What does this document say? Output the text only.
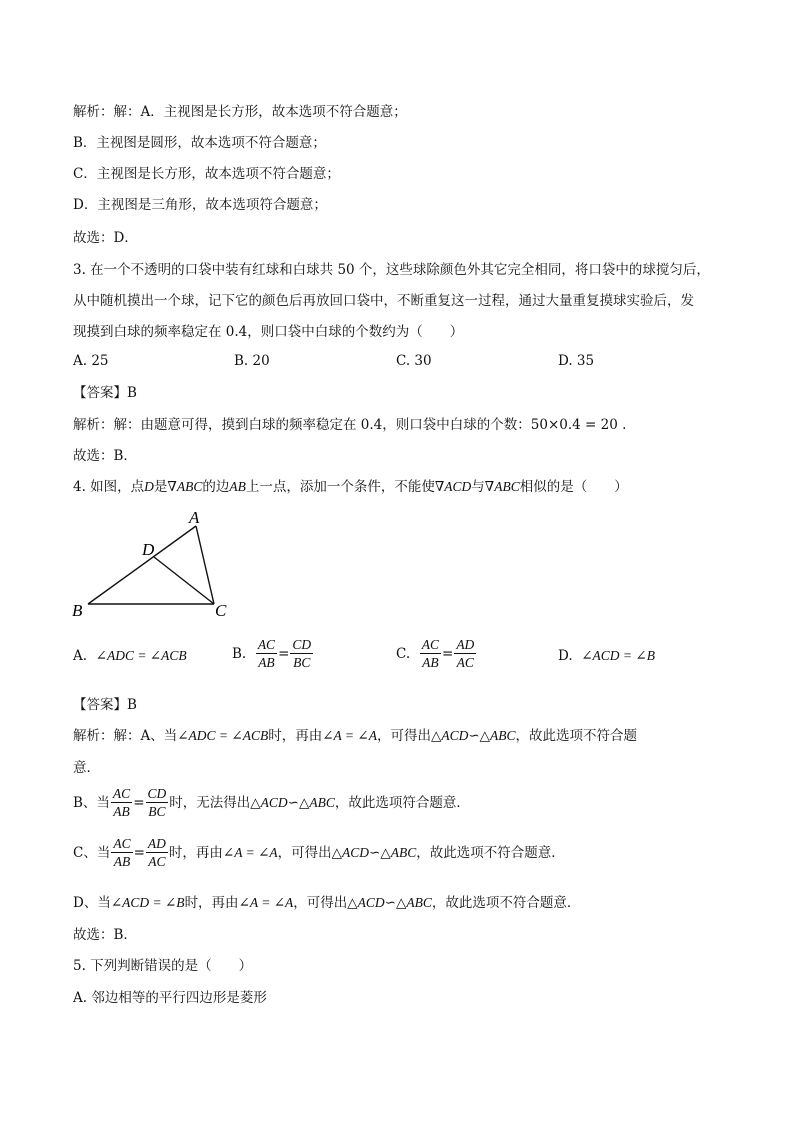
解析：解：A．主视图是长方形，故本选项不符合题意；
B．主视图是圆形，故本选项不符合题意；
C．主视图是长方形，故本选项不符合题意；
D．主视图是三角形，故本选项符合题意；
故选：D．
3. 在一个不透明的口袋中装有红球和白球共 50 个，这些球除颜色外其它完全相同，将口袋中的球搅匀后，
从中随机摸出一个球，记下它的颜色后再放回口袋中，不断重复这一过程，通过大量重复摸球实验后，发
现摸到白球的频率稳定在 0.4，则口袋中白球的个数约为（　　）
A. 25	B. 20	C. 30	D. 35
【答案】B
解析：解：由题意可得，摸到白球的频率稳定在 0.4，则口袋中白球的个数：50×0.4 = 20 .
故选：B．
4. 如图，点D是∇ABC的边AB上一点，添加一个条件，不能使∇ACD与∇ABC相似的是（　　）
A
B	C
D
A.
∠ADC = ∠ACB	B.
$\frac{AC}{AB} = \frac{CD}{BC}$	C.
$\frac{AC}{AB} = \frac{AD}{AC}$	D.
∠ACD = ∠B
【答案】B
解析：解：A、当∠ADC = ∠ACB时，再由∠A = ∠A，可得出△ACD∽△ABC，故此选项不符合题
意．
B、当 $\frac{AC}{AB} = \frac{CD}{BC}$ 时，无法得出 △ACD∽△ABC ，故此选项符合题意．
C、当 $\frac{AC}{AB} = \frac{AD}{AC}$ 时，再由 ∠A = ∠A ，可得出 △ACD∽△ABC ，故此选项不符合题意．
D、当∠ACD = ∠B时，再由∠A = ∠A，可得出△ACD∽△ABC，故此选项不符合题意．
故选：B．
5. 下列判断错误的是（　　）
A. 邻边相等的平行四边形是菱形
